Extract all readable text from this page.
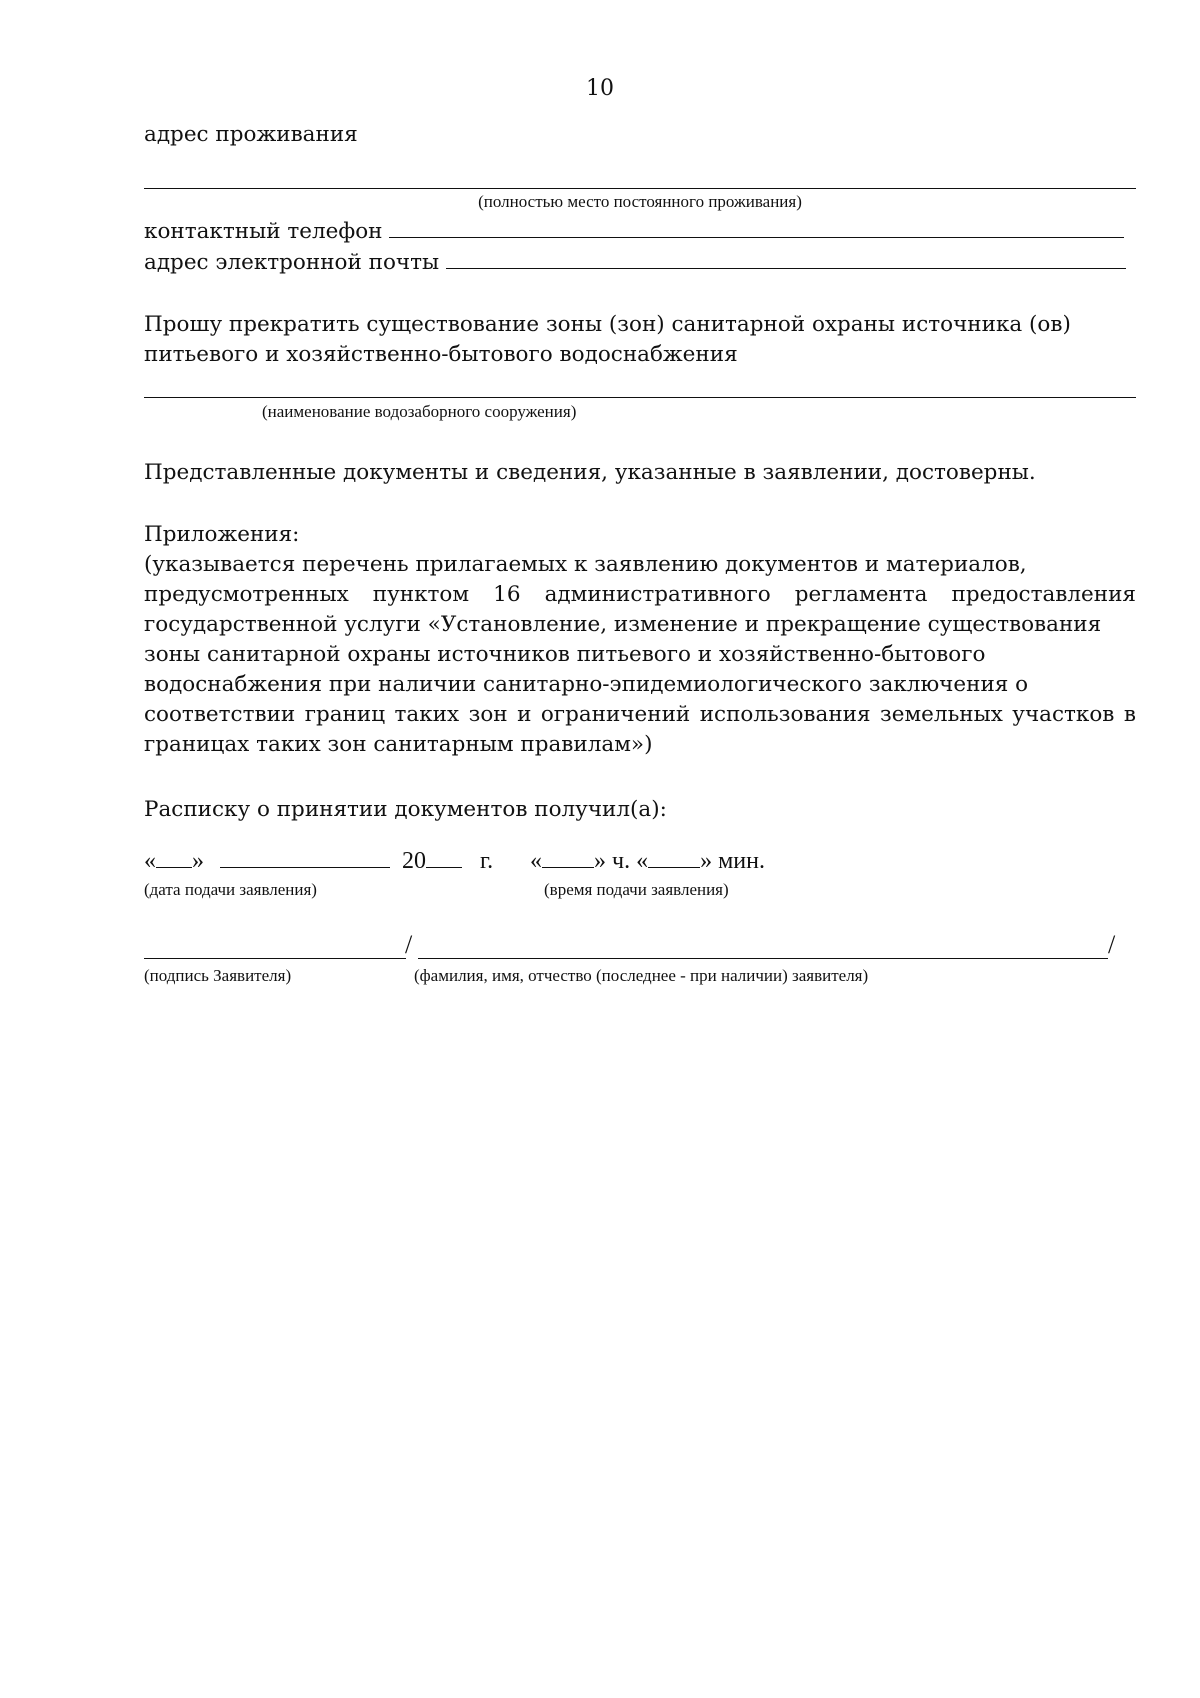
10
адрес проживания
(полностью место постоянного проживания)
контактный телефон
адрес электронной почты
Прошу прекратить существование зоны (зон) санитарной охраны источника (ов)
питьевого и хозяйственно-бытового водоснабжения
(наименование водозаборного сооружения)
Представленные документы и сведения, указанные в заявлении, достоверны.
Приложения:
(указывается перечень прилагаемых к заявлению документов и материалов,
предусмотренных пунктом 16 административного регламента предоставления
государственной услуги «Установление, изменение и прекращение существования
зоны санитарной охраны источников питьевого и хозяйственно-бытового
водоснабжения при наличии санитарно-эпидемиологического заключения о
соответствии границ таких зон и ограничений использования земельных участков в
границах таких зон санитарным правилам»)
Расписку о принятии документов получил(а):
« »	20 г. « » ч. « » мин.
(дата подачи заявления)	(время подачи заявления)
/	/
(подпись Заявителя)	(фамилия, имя, отчество (последнее - при наличии) заявителя)
